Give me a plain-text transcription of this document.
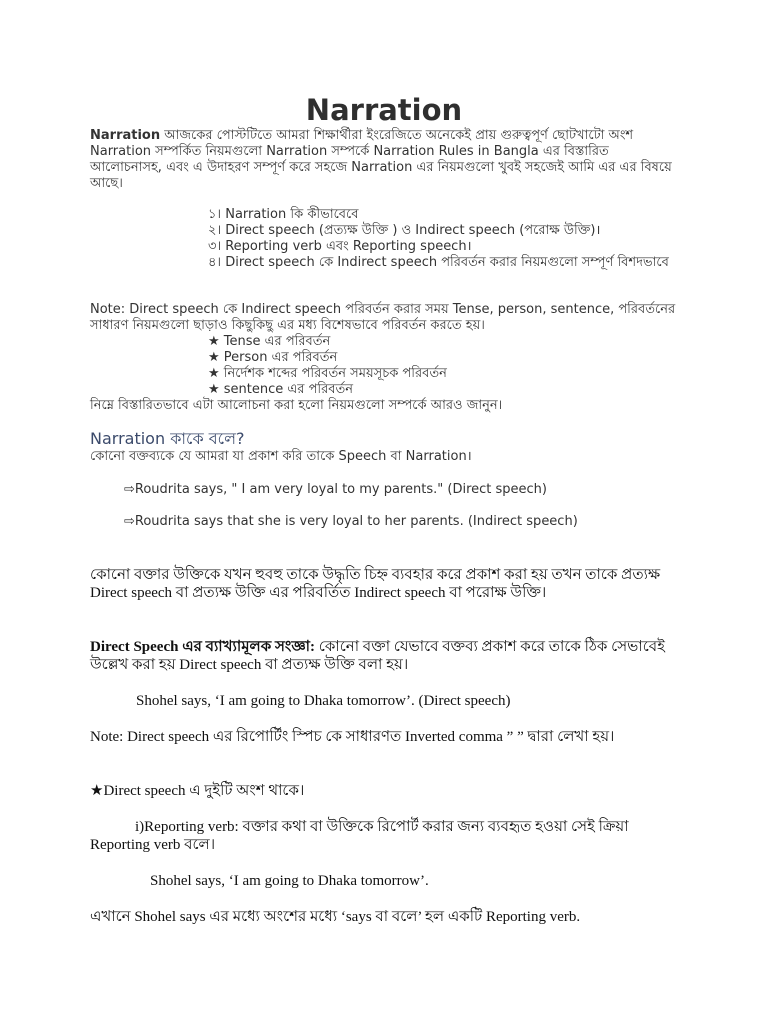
Narration

Narration আজকের পোস্টটিতে আমরা শিক্ষার্থীরা ইংরেজিতে অনেকেই প্রায় গুরুত্বপূর্ণ ছোটখাটো অংশ Narration সম্পর্কিত নিয়মগুলো Narration সম্পর্কে Narration Rules in Bangla এর বিস্তারিত আলোচনাসহ, এবং এ উদাহরণ সম্পূর্ণ করে সহজে Narration এর নিয়মগুলো খুবই সহজেই আমি এর এর বিষয়ে আছে।

১। Narration কি কীভাবেবে
২। Direct speech (প্রত্যক্ষ উক্তি ) ও Indirect speech (পরোক্ষ উক্তি)।
৩। Reporting verb এবং Reporting speech।
৪। Direct speech কে Indirect speech পরিবর্তন করার নিয়মগুলো সম্পূর্ণ বিশদভাবে

Note: Direct speech কে Indirect speech পরিবর্তন করার সময় Tense, person, sentence, পরিবর্তনের সাধারণ নিয়মগুলো ছাড়াও কিছুকিছু এর মধ্য বিশেষভাবে পরিবর্তন করতে হয়।

★ Tense এর পরিবর্তন
★ Person এর পরিবর্তন
★ নির্দেশক শব্দের পরিবর্তন সময়সূচক পরিবর্তন
★ sentence এর পরিবর্তন

নিম্নে বিস্তারিতভাবে এটা আলোচনা করা হলো নিয়মগুলো সম্পর্কে আরও জানুন।

Narration কাকে বলে?

কোনো বক্তব্যকে যে আমরা যা প্রকাশ করি তাকে Speech বা Narration।

⇨Roudrita says, " I am very loyal to my parents." (Direct speech)

⇨Roudrita says that she is very loyal to her parents. (Indirect speech)

কোনো বক্তার উক্তিকে যখন হুবহু তাকে উদ্ধৃতি চিহ্ন ব্যবহার করে প্রকাশ করা হয় তখন তাকে প্রত্যক্ষ Direct speech বা প্রত্যক্ষ উক্তি এর পরিবর্তিত Indirect speech বা পরোক্ষ উক্তি।

Direct Speech এর ব্যাখ্যামূলক সংজ্ঞা: কোনো বক্তা যেভাবে বক্তব্য প্রকাশ করে তাকে ঠিক সেভাবেই উল্লেখ করা হয় Direct speech বা প্রত্যক্ষ উক্তি বলা হয়।

Shohel says, ‘I am going to Dhaka tomorrow’. (Direct speech)

Note: Direct speech এর রিপোর্টিং স্পিচ কে সাধারণত Inverted comma ” ” দ্বারা লেখা হয়।

★Direct speech এ দুইটি অংশ থাকে।

i)Reporting verb: বক্তার কথা বা উক্তিকে রিপোর্ট করার জন্য ব্যবহৃত হওয়া সেই ক্রিয়া Reporting verb বলে।

Shohel says, ‘I am going to Dhaka tomorrow’.

এখানে Shohel says এর মধ্যে অংশের মধ্যে ‘says বা বলে’ হল একটি Reporting verb.
